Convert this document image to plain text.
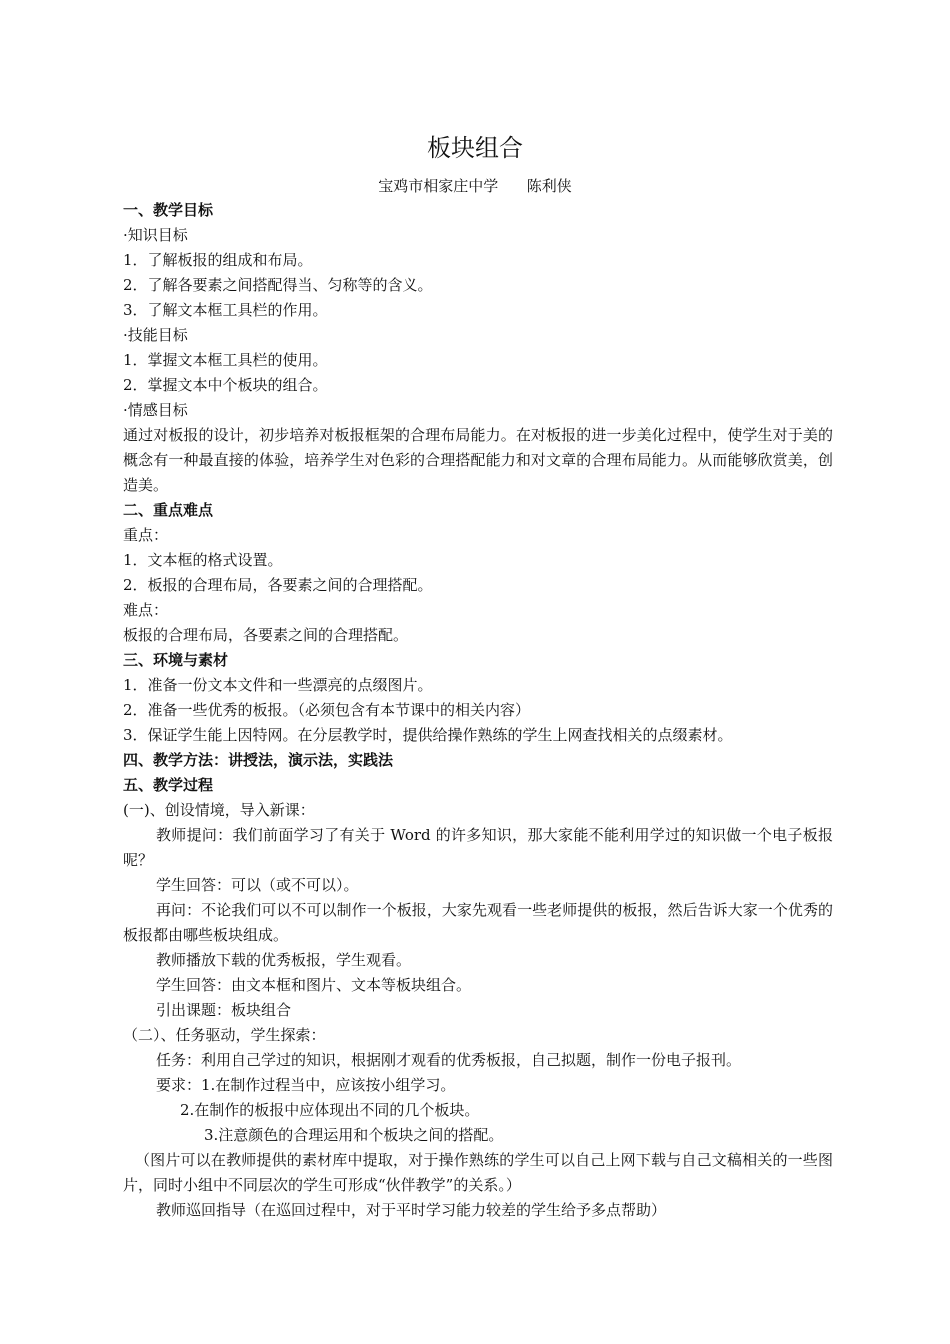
板块组合
宝鸡市相家庄中学      陈利侠
一、教学目标
·知识目标
1．了解板报的组成和布局。
2．了解各要素之间搭配得当、匀称等的含义。
3．了解文本框工具栏的作用。
·技能目标
1．掌握文本框工具栏的使用。
2．掌握文本中个板块的组合。
·情感目标

通过对板报的设计，初步培养对板报框架的合理布局能力。在对板报的进一步美化过程中，使学生对于美的概念有一种最直接的体验，培养学生对色彩的合理搭配能力和对文章的合理布局能力。从而能够欣赏美，创造美。

二、重点难点
重点：
1．文本框的格式设置。
2．板报的合理布局，各要素之间的合理搭配。
难点：
板报的合理布局，各要素之间的合理搭配。
三、环境与素材
1．准备一份文本文件和一些漂亮的点缀图片。
2．准备一些优秀的板报。（必须包含有本节课中的相关内容）
3．保证学生能上因特网。在分层教学时，提供给操作熟练的学生上网查找相关的点缀素材。
四、教学方法：讲授法，演示法，实践法
五、教学过程
(一)、创设情境，导入新课：

教师提问：我们前面学习了有关于 Word 的许多知识，那大家能不能利用学过的知识做一个电子板报呢？

学生回答：可以（或不可以）。

再问：不论我们可以不可以制作一个板报，大家先观看一些老师提供的板报，然后告诉大家一个优秀的板报都由哪些板块组成。

教师播放下载的优秀板报，学生观看。
学生回答：由文本框和图片、文本等板块组合。
引出课题：板块组合
（二）、任务驱动，学生探索：
任务：利用自己学过的知识，根据刚才观看的优秀板报，自己拟题，制作一份电子报刊。
要求：1.在制作过程当中，应该按小组学习。
2.在制作的板报中应体现出不同的几个板块。
3.注意颜色的合理运用和个板块之间的搭配。

（图片可以在教师提供的素材库中提取，对于操作熟练的学生可以自己上网下载与自己文稿相关的一些图片，同时小组中不同层次的学生可形成“伙伴教学”的关系。）

教师巡回指导（在巡回过程中，对于平时学习能力较差的学生给予多点帮助）
